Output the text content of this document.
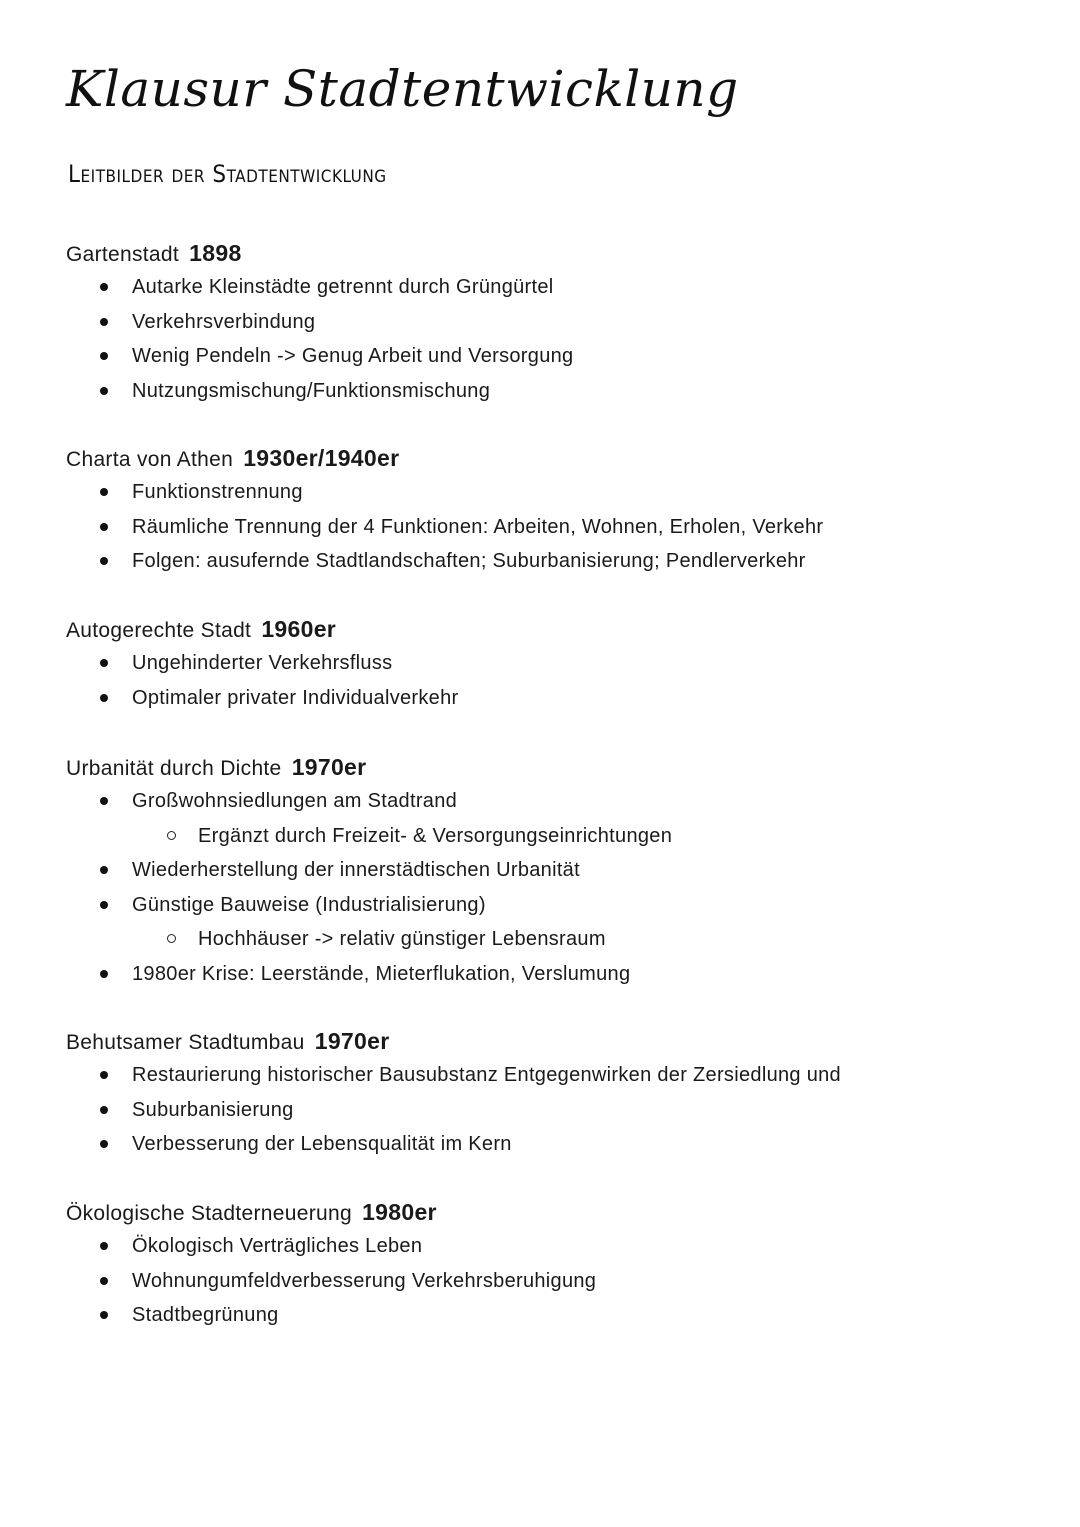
Klausur Stadtentwicklung
Leitbilder der Stadtentwicklung
Gartenstadt 1898
Autarke Kleinstädte getrennt durch Grüngürtel
Verkehrsverbindung
Wenig Pendeln -> Genug Arbeit und Versorgung
Nutzungsmischung/Funktionsmischung
Charta von Athen 1930er/1940er
Funktionstrennung
Räumliche Trennung der 4 Funktionen: Arbeiten, Wohnen, Erholen, Verkehr
Folgen: ausufernde Stadtlandschaften; Suburbanisierung; Pendlerverkehr
Autogerechte Stadt 1960er
Ungehinderter Verkehrsfluss
Optimaler privater Individualverkehr
Urbanität durch Dichte 1970er
Großwohnsiedlungen am Stadtrand
Ergänzt durch Freizeit- & Versorgungseinrichtungen
Wiederherstellung der innerstädtischen Urbanität
Günstige Bauweise (Industrialisierung)
Hochhäuser -> relativ günstiger Lebensraum
1980er Krise: Leerstände, Mieterflukation, Verslumung
Behutsamer Stadtumbau 1970er
Restaurierung historischer Bausubstanz Entgegenwirken der Zersiedlung und
Suburbanisierung
Verbesserung der Lebensqualität im Kern
Ökologische Stadterneuerung 1980er
Ökologisch Verträgliches Leben
Wohnungumfeldverbesserung Verkehrsberuhigung
Stadtbegrünung
